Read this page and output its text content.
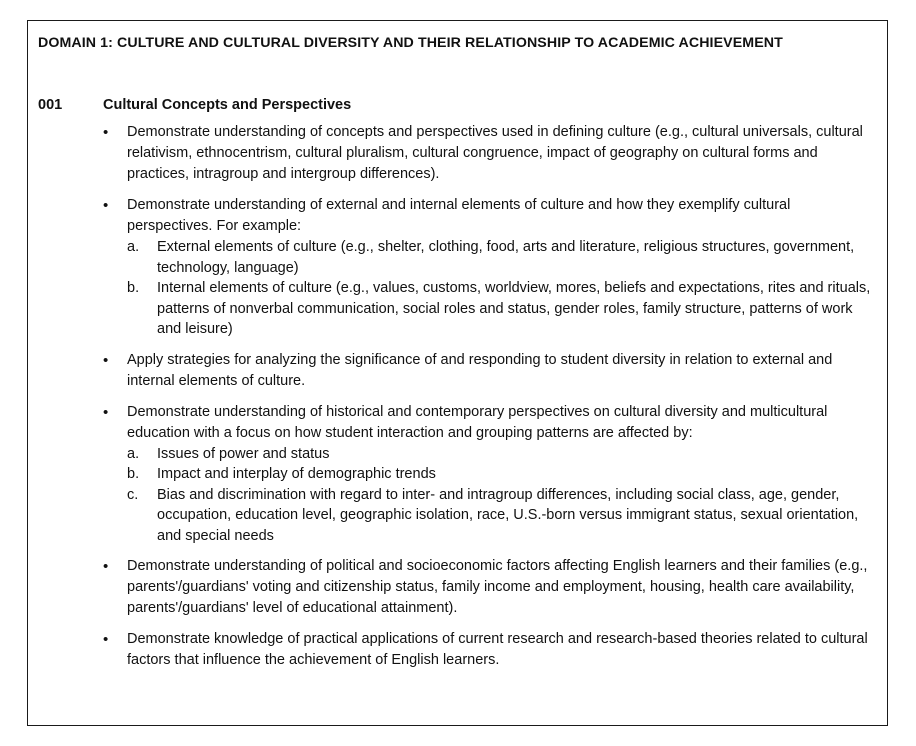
DOMAIN 1: CULTURE AND CULTURAL DIVERSITY AND THEIR RELATIONSHIP TO ACADEMIC ACHIEVEMENT
001	Cultural Concepts and Perspectives
• Demonstrate understanding of concepts and perspectives used in defining culture (e.g., cultural universals, cultural relativism, ethnocentrism, cultural pluralism, cultural congruence, impact of geography on cultural forms and practices, intragroup and intergroup differences).
• Demonstrate understanding of external and internal elements of culture and how they exemplify cultural perspectives. For example:
a. External elements of culture (e.g., shelter, clothing, food, arts and literature, religious structures, government, technology, language)
b. Internal elements of culture (e.g., values, customs, worldview, mores, beliefs and expectations, rites and rituals, patterns of nonverbal communication, social roles and status, gender roles, family structure, patterns of work and leisure)
• Apply strategies for analyzing the significance of and responding to student diversity in relation to external and internal elements of culture.
• Demonstrate understanding of historical and contemporary perspectives on cultural diversity and multicultural education with a focus on how student interaction and grouping patterns are affected by:
a. Issues of power and status
b. Impact and interplay of demographic trends
c. Bias and discrimination with regard to inter- and intragroup differences, including social class, age, gender, occupation, education level, geographic isolation, race, U.S.-born versus immigrant status, sexual orientation, and special needs
• Demonstrate understanding of political and socioeconomic factors affecting English learners and their families (e.g., parents'/guardians' voting and citizenship status, family income and employment, housing, health care availability, parents'/guardians' level of educational attainment).
• Demonstrate knowledge of practical applications of current research and research-based theories related to cultural factors that influence the achievement of English learners.
